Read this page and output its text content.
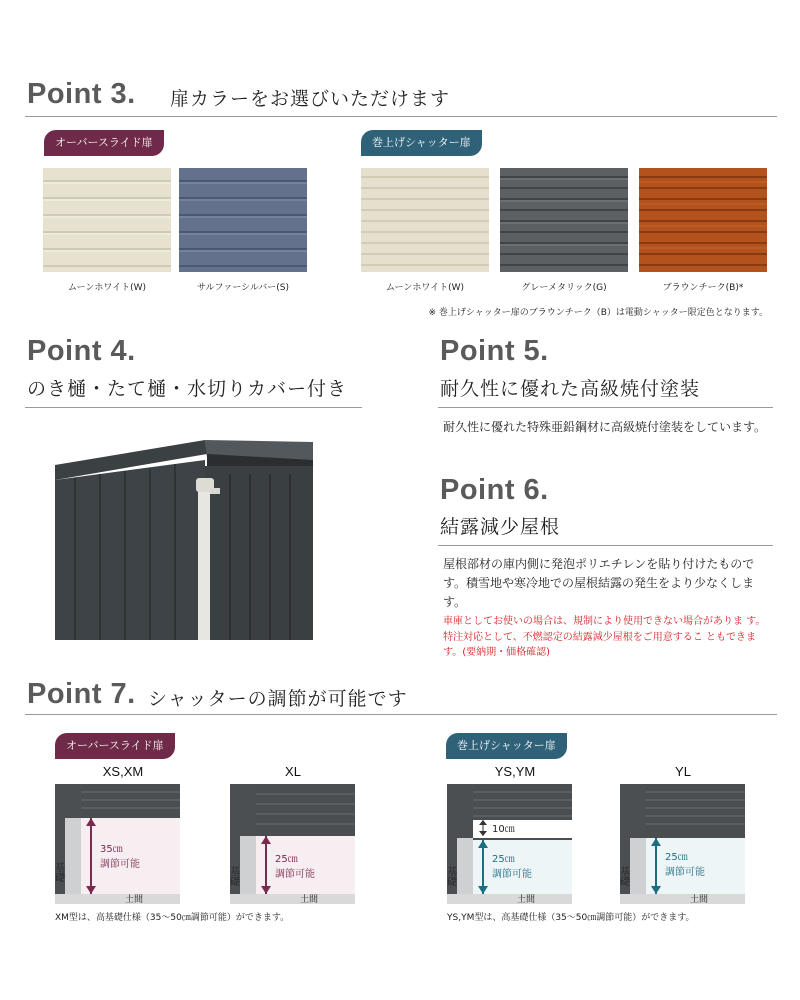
Point 3. 扉カラーをお選びいただけます
オーバースライド扉	巻上げシャッター扉
ムーンホワイト(W)	サルファーシルバー(S)	ムーンホワイト(W)	グレーメタリック(G)	ブラウンチーク(B)*
※ 巻上げシャッター扉のブラウンチーク（B）は電動シャッター限定色となります。
Point 4.
のき樋・たて樋・水切りカバー付き
Point 5.
耐久性に優れた高級焼付塗装
耐久性に優れた特殊亜鉛鋼材に高級焼付塗装をしています。
Point 6.
結露減少屋根
屋根部材の庫内側に発泡ポリエチレンを貼り付けたものです。積雪地や寒冷地での屋根結露の発生をより少なくします。
車庫としてお使いの場合は、規制により使用できない場合がありま す。特注対応として、不燃認定の結露減少屋根をご用意するこ ともできます。(要納期・価格確認)
Point 7. シャッターの調節が可能です
オーバースライド扉	巻上げシャッター扉
XS,XM	XL	YS,YM	YL
35㎝
調節可能
基礎
土間
25㎝
調節可能
基礎
土間
10㎝
25㎝
調節可能
基礎
土間
25㎝
調節可能
基礎
土間
XM型は、高基礎仕様（35～50㎝調節可能）ができます。	YS,YM型は、高基礎仕様（35～50㎝調節可能）ができます。
